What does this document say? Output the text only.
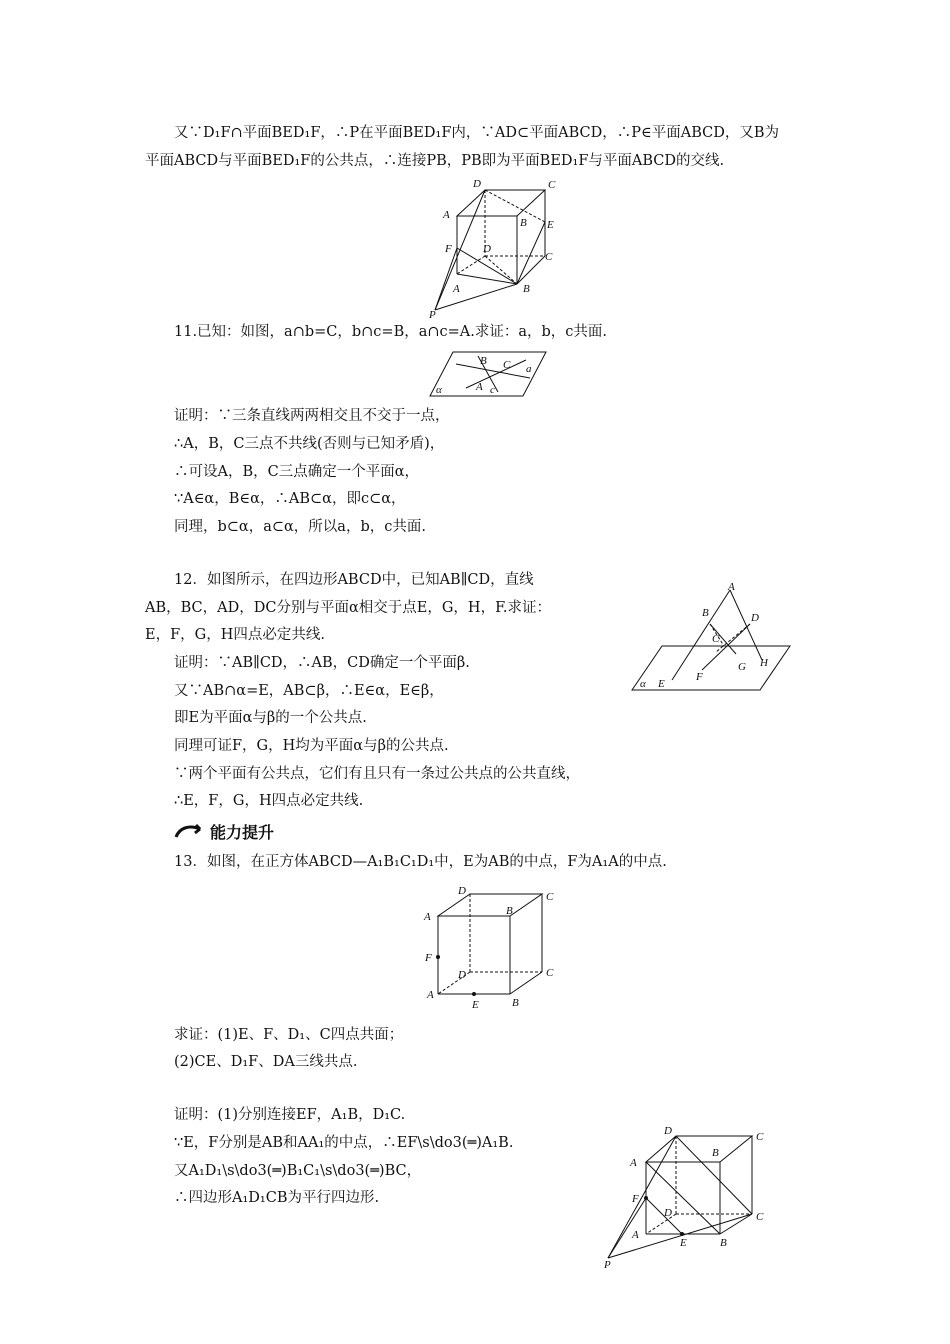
又∵D₁F∩平面BED₁F，∴P在平面BED₁F内，∵AD⊂平面ABCD，∴P∈平面ABCD，又B为
平面ABCD与平面BED₁F的公共点，∴连接PB，PB即为平面BED₁F与平面ABCD的交线.
D	C
A
B E
F	D
C
A	B
P
11.已知：如图，a∩b=C，b∩c=B，a∩c=A.求证：a，b，c共面.
B C a
A c
α
证明：∵三条直线两两相交且不交于一点，
∴A，B，C三点不共线(否则与已知矛盾)，
∴可设A，B，C三点确定一个平面α，
∵A∈α，B∈α，∴AB⊂α，即c⊂α，
同理，b⊂α，a⊂α，所以a，b，c共面.
12．如图所示，在四边形ABCD中，已知AB∥CD，直线
AB，BC，AD，DC分别与平面α相交于点E，G，H，F.求证：
E，F，G，H四点必定共线.
证明：∵AB∥CD，∴AB，CD确定一个平面β.
又∵AB∩α=E，AB⊂β，∴E∈α，E∈β，
即E为平面α与β的一个公共点.
同理可证F，G，H均为平面α与β的公共点.
∵两个平面有公共点，它们有且只有一条过公共点的公共直线，
∴E，F，G，H四点必定共线.
A
B	D
C
E
F
G H
α
能力提升
13．如图，在正方体ABCD—A₁B₁C₁D₁中，E为AB的中点，F为A₁A的中点.
D	C
A	B
F
D	C
A
E	B
求证：(1)E、F、D₁、C四点共面；
(2)CE、D₁F、DA三线共点.
证明：(1)分别连接EF，A₁B，D₁C.
∵E，F分别是AB和AA₁的中点，∴EF\s\do3(═)A₁B.
又A₁D₁\s\do3(═)B₁C₁\s\do3(═)BC，
∴四边形A₁D₁CB为平行四边形.
D	C
A
B
F
D	C
A
E	B
P
